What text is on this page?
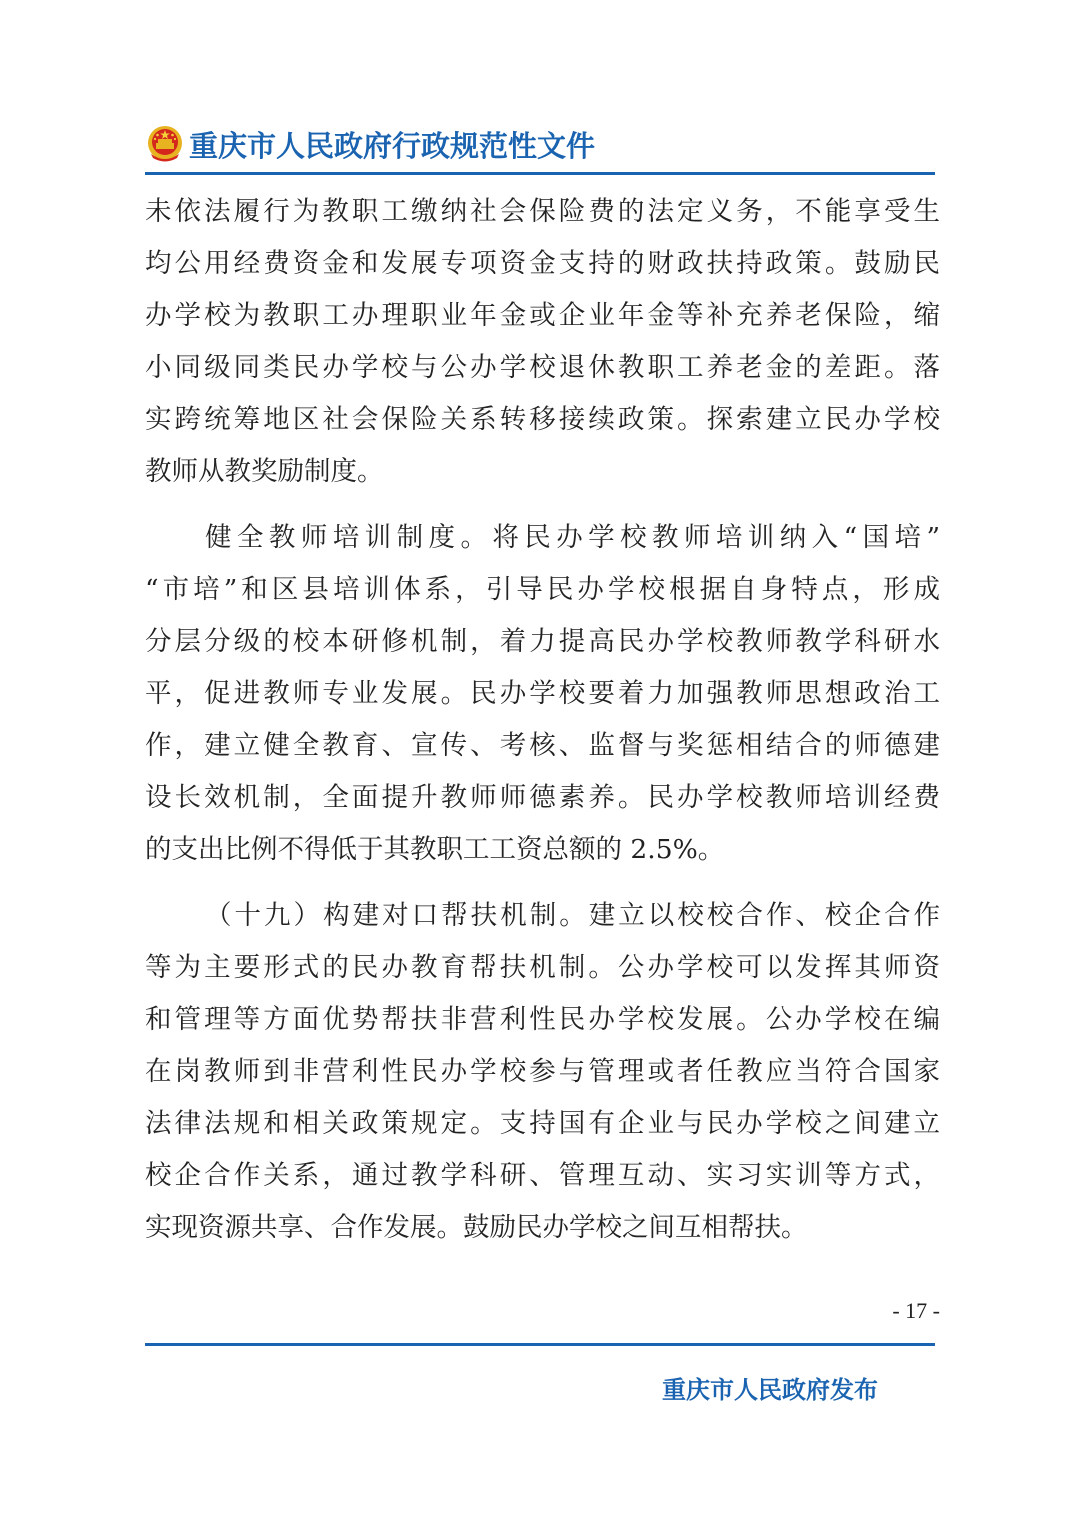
重庆市人民政府行政规范性文件
未依法履行为教职工缴纳社会保险费的法定义务，不能享受生
均公用经费资金和发展专项资金支持的财政扶持政策。鼓励民
办学校为教职工办理职业年金或企业年金等补充养老保险，缩
小同级同类民办学校与公办学校退休教职工养老金的差距。落
实跨统筹地区社会保险关系转移接续政策。探索建立民办学校
教师从教奖励制度。
健全教师培训制度。将民办学校教师培训纳入“国培”
“市培”和区县培训体系，引导民办学校根据自身特点，形成
分层分级的校本研修机制，着力提高民办学校教师教学科研水
平，促进教师专业发展。民办学校要着力加强教师思想政治工
作，建立健全教育、宣传、考核、监督与奖惩相结合的师德建
设长效机制，全面提升教师师德素养。民办学校教师培训经费
的支出比例不得低于其教职工工资总额的 2.5%。
（十九）构建对口帮扶机制。建立以校校合作、校企合作
等为主要形式的民办教育帮扶机制。公办学校可以发挥其师资
和管理等方面优势帮扶非营利性民办学校发展。公办学校在编
在岗教师到非营利性民办学校参与管理或者任教应当符合国家
法律法规和相关政策规定。支持国有企业与民办学校之间建立
校企合作关系，通过教学科研、管理互动、实习实训等方式，
实现资源共享、合作发展。鼓励民办学校之间互相帮扶。
- 17 -
重庆市人民政府发布
